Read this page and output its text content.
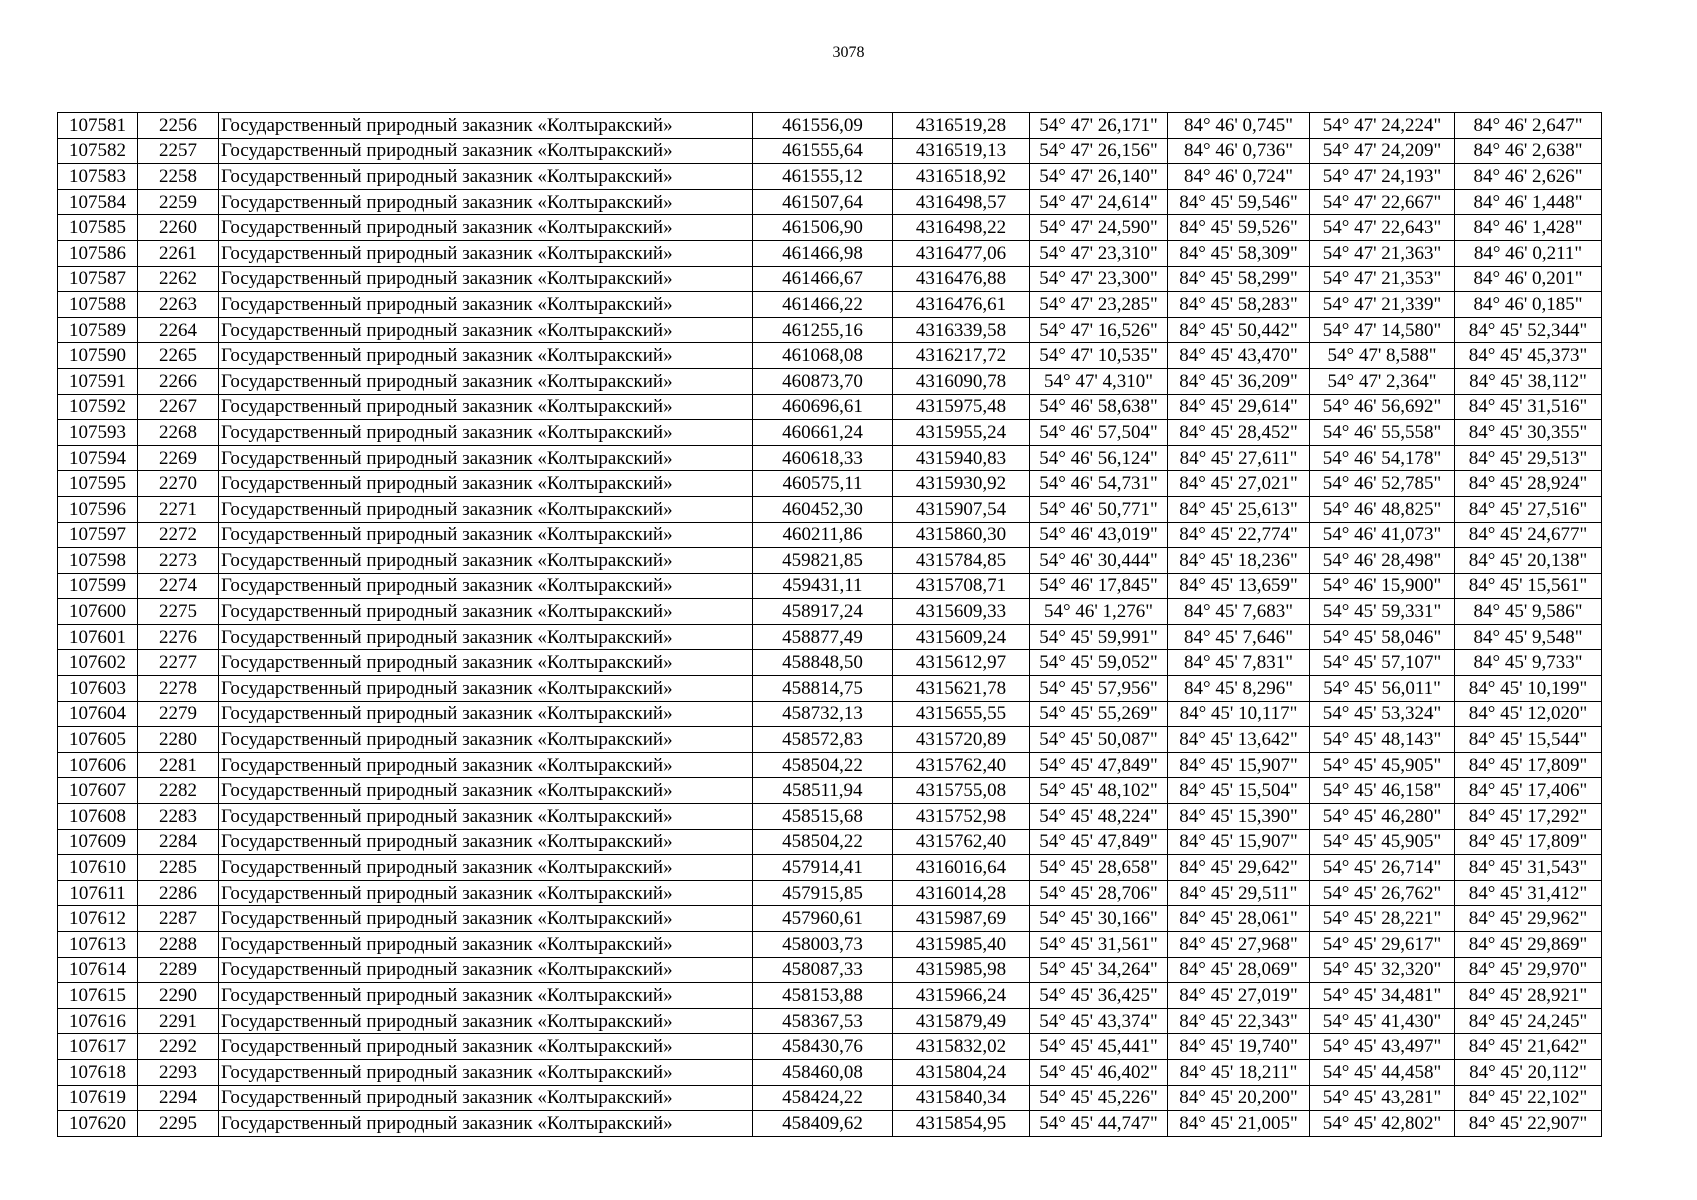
3078
107581	2256	Государственный природный заказник «Колтыракский»	461556,09	4316519,28	54° 47' 26,171"	84° 46' 0,745"	54° 47' 24,224"	84° 46' 2,647"
107582	2257	Государственный природный заказник «Колтыракский»	461555,64	4316519,13	54° 47' 26,156"	84° 46' 0,736"	54° 47' 24,209"	84° 46' 2,638"
107583	2258	Государственный природный заказник «Колтыракский»	461555,12	4316518,92	54° 47' 26,140"	84° 46' 0,724"	54° 47' 24,193"	84° 46' 2,626"
107584	2259	Государственный природный заказник «Колтыракский»	461507,64	4316498,57	54° 47' 24,614"	84° 45' 59,546"	54° 47' 22,667"	84° 46' 1,448"
107585	2260	Государственный природный заказник «Колтыракский»	461506,90	4316498,22	54° 47' 24,590"	84° 45' 59,526"	54° 47' 22,643"	84° 46' 1,428"
107586	2261	Государственный природный заказник «Колтыракский»	461466,98	4316477,06	54° 47' 23,310"	84° 45' 58,309"	54° 47' 21,363"	84° 46' 0,211"
107587	2262	Государственный природный заказник «Колтыракский»	461466,67	4316476,88	54° 47' 23,300"	84° 45' 58,299"	54° 47' 21,353"	84° 46' 0,201"
107588	2263	Государственный природный заказник «Колтыракский»	461466,22	4316476,61	54° 47' 23,285"	84° 45' 58,283"	54° 47' 21,339"	84° 46' 0,185"
107589	2264	Государственный природный заказник «Колтыракский»	461255,16	4316339,58	54° 47' 16,526"	84° 45' 50,442"	54° 47' 14,580"	84° 45' 52,344"
107590	2265	Государственный природный заказник «Колтыракский»	461068,08	4316217,72	54° 47' 10,535"	84° 45' 43,470"	54° 47' 8,588"	84° 45' 45,373"
107591	2266	Государственный природный заказник «Колтыракский»	460873,70	4316090,78	54° 47' 4,310"	84° 45' 36,209"	54° 47' 2,364"	84° 45' 38,112"
107592	2267	Государственный природный заказник «Колтыракский»	460696,61	4315975,48	54° 46' 58,638"	84° 45' 29,614"	54° 46' 56,692"	84° 45' 31,516"
107593	2268	Государственный природный заказник «Колтыракский»	460661,24	4315955,24	54° 46' 57,504"	84° 45' 28,452"	54° 46' 55,558"	84° 45' 30,355"
107594	2269	Государственный природный заказник «Колтыракский»	460618,33	4315940,83	54° 46' 56,124"	84° 45' 27,611"	54° 46' 54,178"	84° 45' 29,513"
107595	2270	Государственный природный заказник «Колтыракский»	460575,11	4315930,92	54° 46' 54,731"	84° 45' 27,021"	54° 46' 52,785"	84° 45' 28,924"
107596	2271	Государственный природный заказник «Колтыракский»	460452,30	4315907,54	54° 46' 50,771"	84° 45' 25,613"	54° 46' 48,825"	84° 45' 27,516"
107597	2272	Государственный природный заказник «Колтыракский»	460211,86	4315860,30	54° 46' 43,019"	84° 45' 22,774"	54° 46' 41,073"	84° 45' 24,677"
107598	2273	Государственный природный заказник «Колтыракский»	459821,85	4315784,85	54° 46' 30,444"	84° 45' 18,236"	54° 46' 28,498"	84° 45' 20,138"
107599	2274	Государственный природный заказник «Колтыракский»	459431,11	4315708,71	54° 46' 17,845"	84° 45' 13,659"	54° 46' 15,900"	84° 45' 15,561"
107600	2275	Государственный природный заказник «Колтыракский»	458917,24	4315609,33	54° 46' 1,276"	84° 45' 7,683"	54° 45' 59,331"	84° 45' 9,586"
107601	2276	Государственный природный заказник «Колтыракский»	458877,49	4315609,24	54° 45' 59,991"	84° 45' 7,646"	54° 45' 58,046"	84° 45' 9,548"
107602	2277	Государственный природный заказник «Колтыракский»	458848,50	4315612,97	54° 45' 59,052"	84° 45' 7,831"	54° 45' 57,107"	84° 45' 9,733"
107603	2278	Государственный природный заказник «Колтыракский»	458814,75	4315621,78	54° 45' 57,956"	84° 45' 8,296"	54° 45' 56,011"	84° 45' 10,199"
107604	2279	Государственный природный заказник «Колтыракский»	458732,13	4315655,55	54° 45' 55,269"	84° 45' 10,117"	54° 45' 53,324"	84° 45' 12,020"
107605	2280	Государственный природный заказник «Колтыракский»	458572,83	4315720,89	54° 45' 50,087"	84° 45' 13,642"	54° 45' 48,143"	84° 45' 15,544"
107606	2281	Государственный природный заказник «Колтыракский»	458504,22	4315762,40	54° 45' 47,849"	84° 45' 15,907"	54° 45' 45,905"	84° 45' 17,809"
107607	2282	Государственный природный заказник «Колтыракский»	458511,94	4315755,08	54° 45' 48,102"	84° 45' 15,504"	54° 45' 46,158"	84° 45' 17,406"
107608	2283	Государственный природный заказник «Колтыракский»	458515,68	4315752,98	54° 45' 48,224"	84° 45' 15,390"	54° 45' 46,280"	84° 45' 17,292"
107609	2284	Государственный природный заказник «Колтыракский»	458504,22	4315762,40	54° 45' 47,849"	84° 45' 15,907"	54° 45' 45,905"	84° 45' 17,809"
107610	2285	Государственный природный заказник «Колтыракский»	457914,41	4316016,64	54° 45' 28,658"	84° 45' 29,642"	54° 45' 26,714"	84° 45' 31,543"
107611	2286	Государственный природный заказник «Колтыракский»	457915,85	4316014,28	54° 45' 28,706"	84° 45' 29,511"	54° 45' 26,762"	84° 45' 31,412"
107612	2287	Государственный природный заказник «Колтыракский»	457960,61	4315987,69	54° 45' 30,166"	84° 45' 28,061"	54° 45' 28,221"	84° 45' 29,962"
107613	2288	Государственный природный заказник «Колтыракский»	458003,73	4315985,40	54° 45' 31,561"	84° 45' 27,968"	54° 45' 29,617"	84° 45' 29,869"
107614	2289	Государственный природный заказник «Колтыракский»	458087,33	4315985,98	54° 45' 34,264"	84° 45' 28,069"	54° 45' 32,320"	84° 45' 29,970"
107615	2290	Государственный природный заказник «Колтыракский»	458153,88	4315966,24	54° 45' 36,425"	84° 45' 27,019"	54° 45' 34,481"	84° 45' 28,921"
107616	2291	Государственный природный заказник «Колтыракский»	458367,53	4315879,49	54° 45' 43,374"	84° 45' 22,343"	54° 45' 41,430"	84° 45' 24,245"
107617	2292	Государственный природный заказник «Колтыракский»	458430,76	4315832,02	54° 45' 45,441"	84° 45' 19,740"	54° 45' 43,497"	84° 45' 21,642"
107618	2293	Государственный природный заказник «Колтыракский»	458460,08	4315804,24	54° 45' 46,402"	84° 45' 18,211"	54° 45' 44,458"	84° 45' 20,112"
107619	2294	Государственный природный заказник «Колтыракский»	458424,22	4315840,34	54° 45' 45,226"	84° 45' 20,200"	54° 45' 43,281"	84° 45' 22,102"
107620	2295	Государственный природный заказник «Колтыракский»	458409,62	4315854,95	54° 45' 44,747"	84° 45' 21,005"	54° 45' 42,802"	84° 45' 22,907"
